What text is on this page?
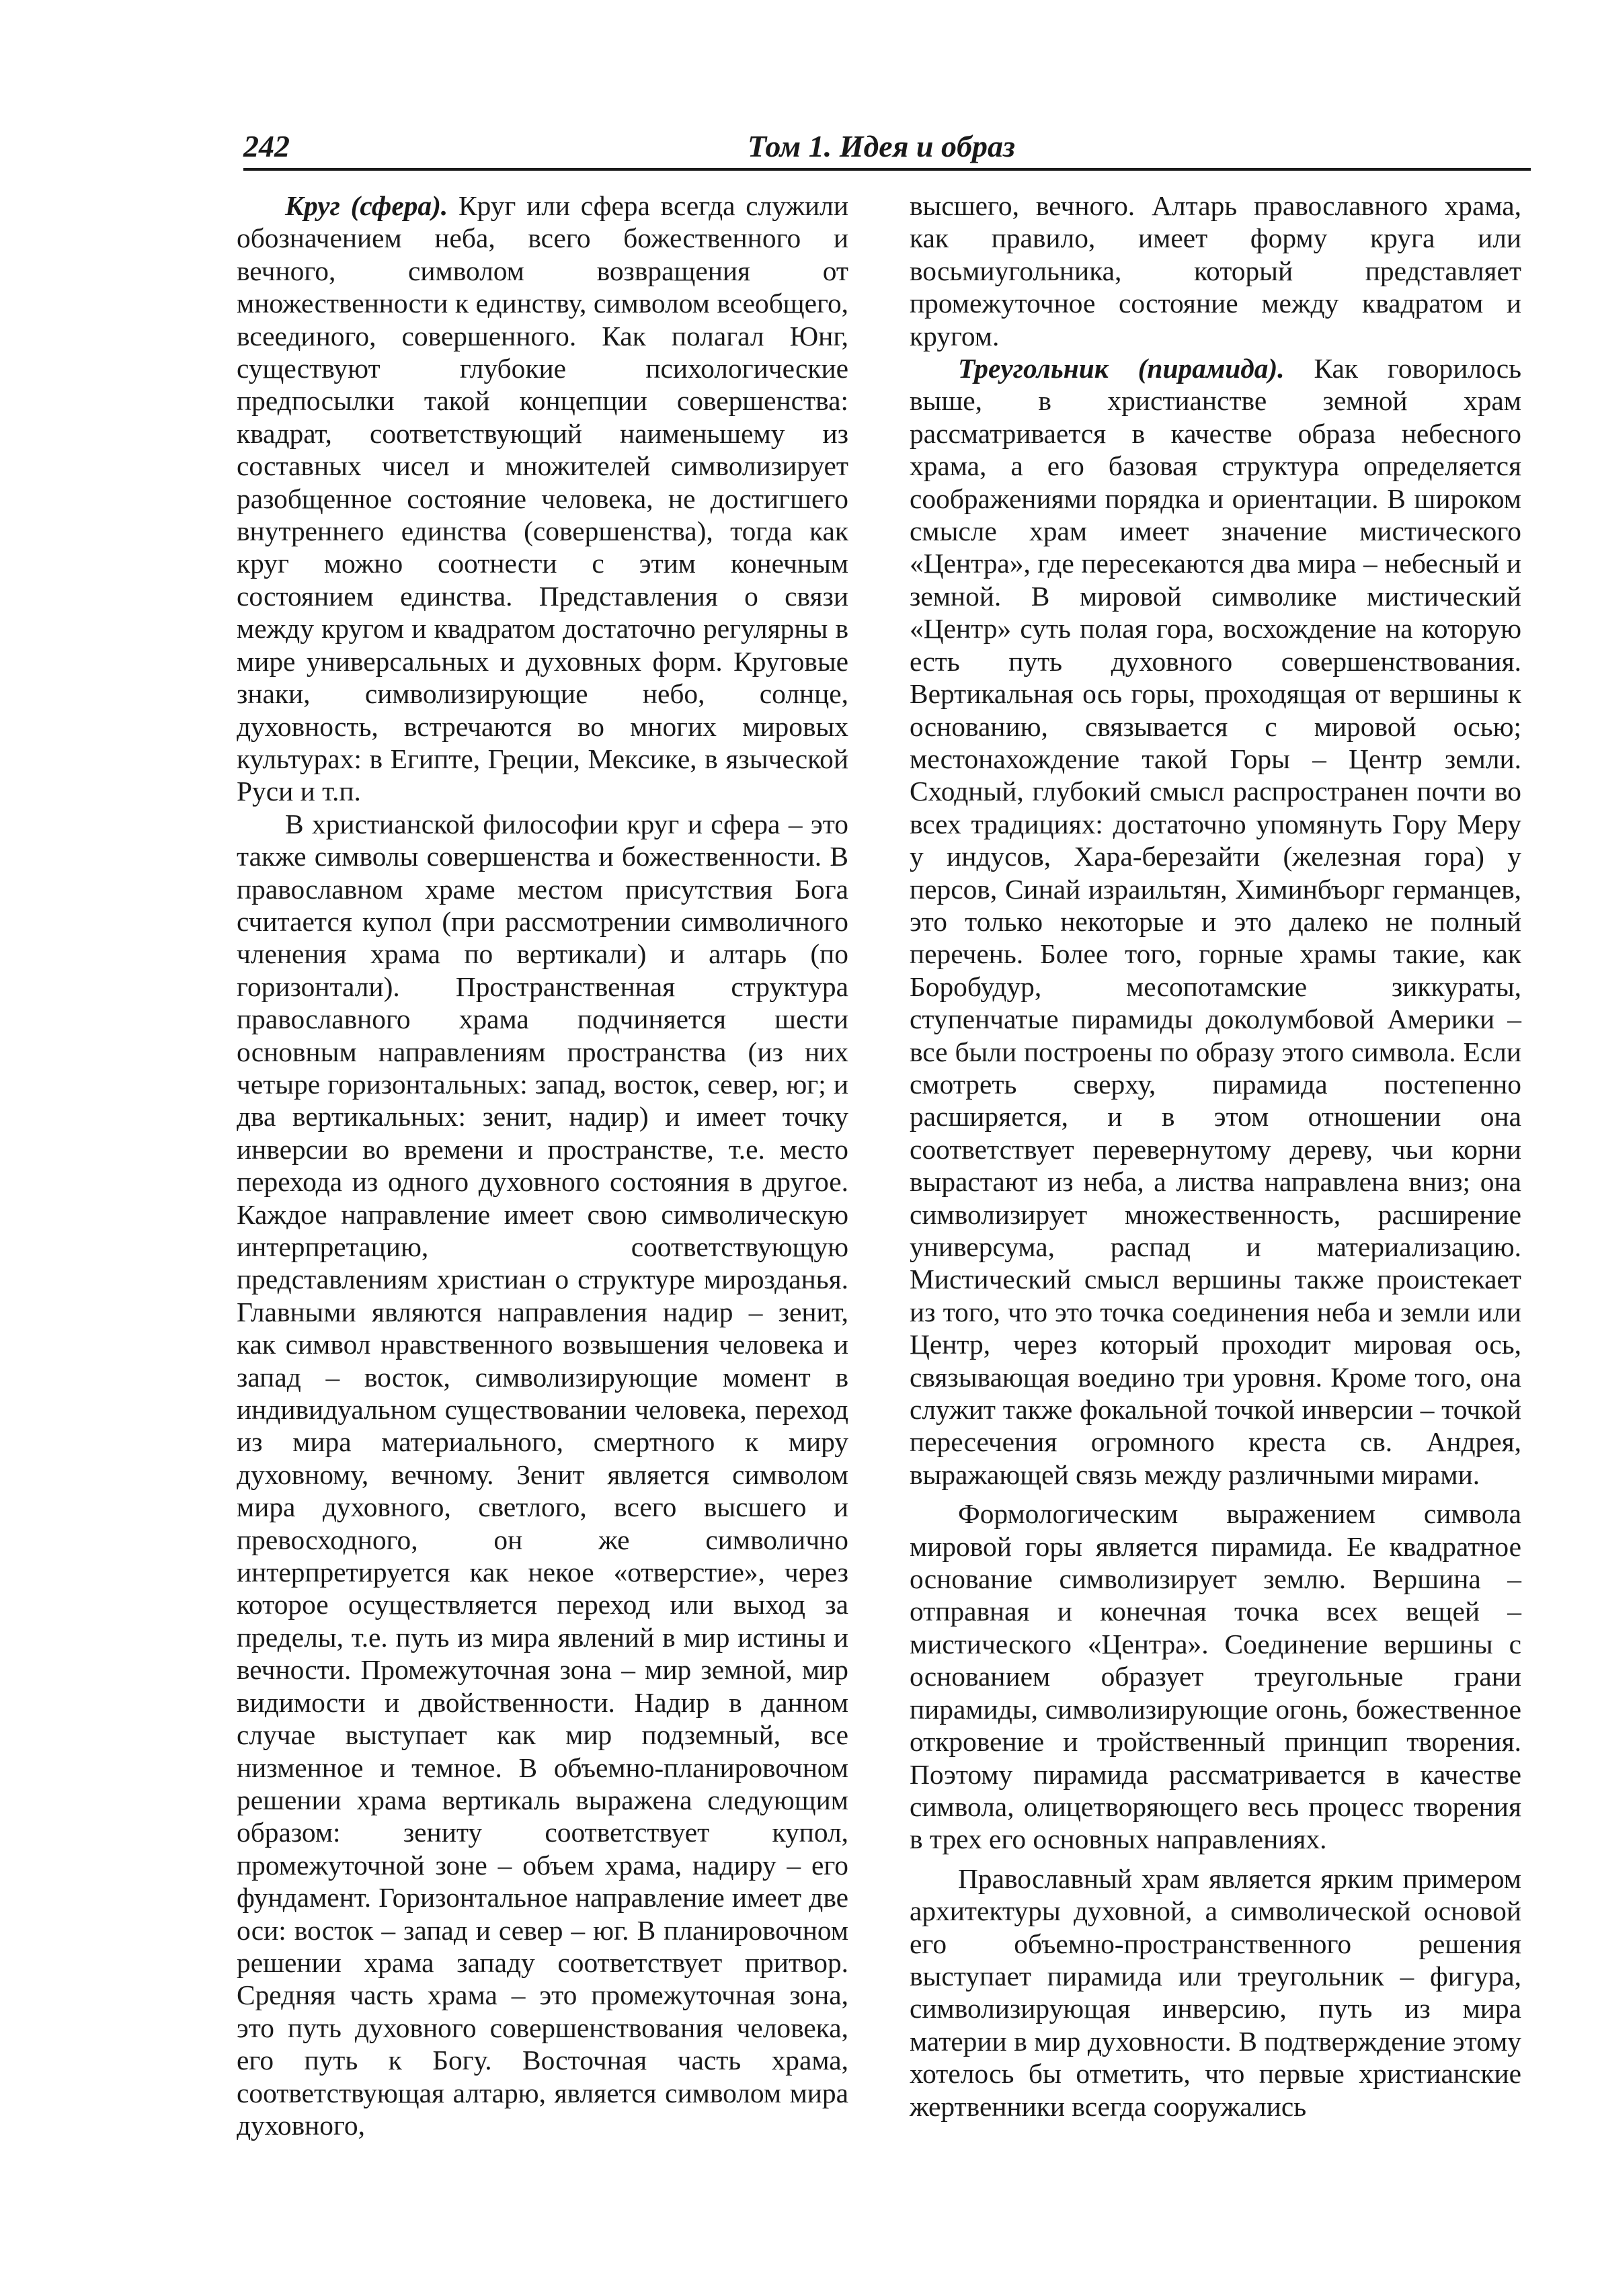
242	Том 1. Идея и образ

Круг (сфера). Круг или сфера всегда служили обозначением неба, всего божественного и вечного, символом возвращения от множественности к единству, символом всеобщего, всеединого, совершенного. Как полагал Юнг, существуют глубокие психологические предпосылки такой концепции совершенства: квадрат, соответствующий наименьшему из составных чисел и множителей символизирует разобщенное состояние человека, не достигшего внутреннего единства (совершенства), тогда как круг можно соотнести с этим конечным состоянием единства. Представления о связи между кругом и квадратом достаточно регулярны в мире универсальных и духовных форм. Круговые знаки, символизирующие небо, солнце, духовность, встречаются во многих мировых культурах: в Египте, Греции, Мексике, в языческой Руси и т.п.

В христианской философии круг и сфера – это также символы совершенства и божественности. В православном храме местом присутствия Бога считается купол (при рассмотрении символичного членения храма по вертикали) и алтарь (по горизонтали). Пространственная структура православного храма подчиняется шести основным направлениям пространства (из них четыре горизонтальных: запад, восток, север, юг; и два вертикальных: зенит, надир) и имеет точку инверсии во времени и пространстве, т.е. место перехода из одного духовного состояния в другое. Каждое направление имеет свою символическую интерпретацию, соответствующую представлениям христиан о структуре мирозданья. Главными являются направления надир – зенит, как символ нравственного возвышения человека и запад – восток, символизирующие момент в индивидуальном существовании человека, переход из мира материального, смертного к миру духовному, вечному. Зенит является символом мира духовного, светлого, всего высшего и превосходного, он же символично интерпретируется как некое «отверстие», через которое осуществляется переход или выход за пределы, т.е. путь из мира явлений в мир истины и вечности. Промежуточная зона – мир земной, мир видимости и двойственности. Надир в данном случае выступает как мир подземный, все низменное и темное. В объемно-планировочном решении храма вертикаль выражена следующим образом: зениту соответствует купол, промежуточной зоне – объем храма, надиру – его фундамент. Горизонтальное направление имеет две оси: восток – запад и север – юг. В планировочном решении храма западу соответствует притвор. Средняя часть храма – это промежуточная зона, это путь духовного совершенствования человека, его путь к Богу. Восточная часть храма, соответствующая алтарю, является символом мира духовного,

высшего, вечного. Алтарь православного храма, как правило, имеет форму круга или восьмиугольника, который представляет промежуточное состояние между квадратом и кругом.

Треугольник (пирамида). Как говорилось выше, в христианстве земной храм рассматривается в качестве образа небесного храма, а его базовая структура определяется соображениями порядка и ориентации. В широком смысле храм имеет значение мистического «Центра», где пересекаются два мира – небесный и земной. В мировой символике мистический «Центр» суть полая гора, восхождение на которую есть путь духовного совершенствования. Вертикальная ось горы, проходящая от вершины к основанию, связывается с мировой осью; местонахождение такой Горы – Центр земли. Сходный, глубокий смысл распространен почти во всех традициях: достаточно упомянуть Гору Меру у индусов, Хара-березайти (железная гора) у персов, Синай израильтян, Химинбъорг германцев, это только некоторые и это далеко не полный перечень. Более того, горные храмы такие, как Боробудур, месопотамские зиккураты, ступенчатые пирамиды доколумбовой Америки – все были построены по образу этого символа. Если смотреть сверху, пирамида постепенно расширяется, и в этом отношении она соответствует перевернутому дереву, чьи корни вырастают из неба, а листва направлена вниз; она символизирует множественность, расширение универсума, распад и материализацию. Мистический смысл вершины также проистекает из того, что это точка соединения неба и земли или Центр, через который проходит мировая ось, связывающая воедино три уровня. Кроме того, она служит также фокальной точкой инверсии – точкой пересечения огромного креста св. Андрея, выражающей связь между различными мирами.

Формологическим выражением символа мировой горы является пирамида. Ее квадратное основание символизирует землю. Вершина – отправная и конечная точка всех вещей – мистического «Центра». Соединение вершины с основанием образует треугольные грани пирамиды, символизирующие огонь, божественное откровение и тройственный принцип творения. Поэтому пирамида рассматривается в качестве символа, олицетворяющего весь процесс творения в трех его основных направлениях.

Православный храм является ярким примером архитектуры духовной, а символической основой его объемно-пространственного решения выступает пирамида или треугольник – фигура, символизирующая инверсию, путь из мира материи в мир духовности. В подтверждение этому хотелось бы отметить, что первые христианские жертвенники всегда сооружались
